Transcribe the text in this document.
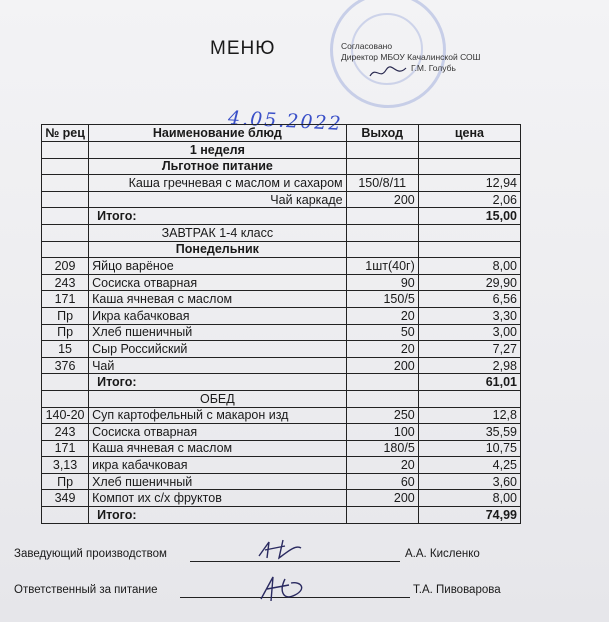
МЕНЮ	Согласовано
Директор МБОУ Качалинской СОШ
Г.М. Голубь
4.05.2022
№ рец	Наименование блюд	Выход	цена
	1 неделя		
	Льготное питание		
	Каша гречневая с маслом и сахаром	150/8/11	12,94
	Чай каркаде	200	2,06
	Итого:		15,00
	ЗАВТРАК 1-4 класс		
	Понедельник		
209	Яйцо варёное	1шт(40г)	8,00
243	Сосиска отварная	90	29,90
171	Каша ячневая с маслом	150/5	6,56
Пр	Икра кабачковая	20	3,30
Пр	Хлеб пшеничный	50	3,00
15	Сыр Российский	20	7,27
376	Чай	200	2,98
	Итого:		61,01
	ОБЕД		
140-20	Суп картофельный с макарон изд	250	12,8
243	Сосиска отварная	100	35,59
171	Каша ячневая с маслом	180/5	10,75
3,13	икра кабачковая	20	4,25
Пр	Хлеб пшеничный	60	3,60
349	Компот их с/х фруктов	200	8,00
	Итого:		74,99
Заведующий производством	А.А. Кисленко
Ответственный за питание	Т.А. Пивоварова
